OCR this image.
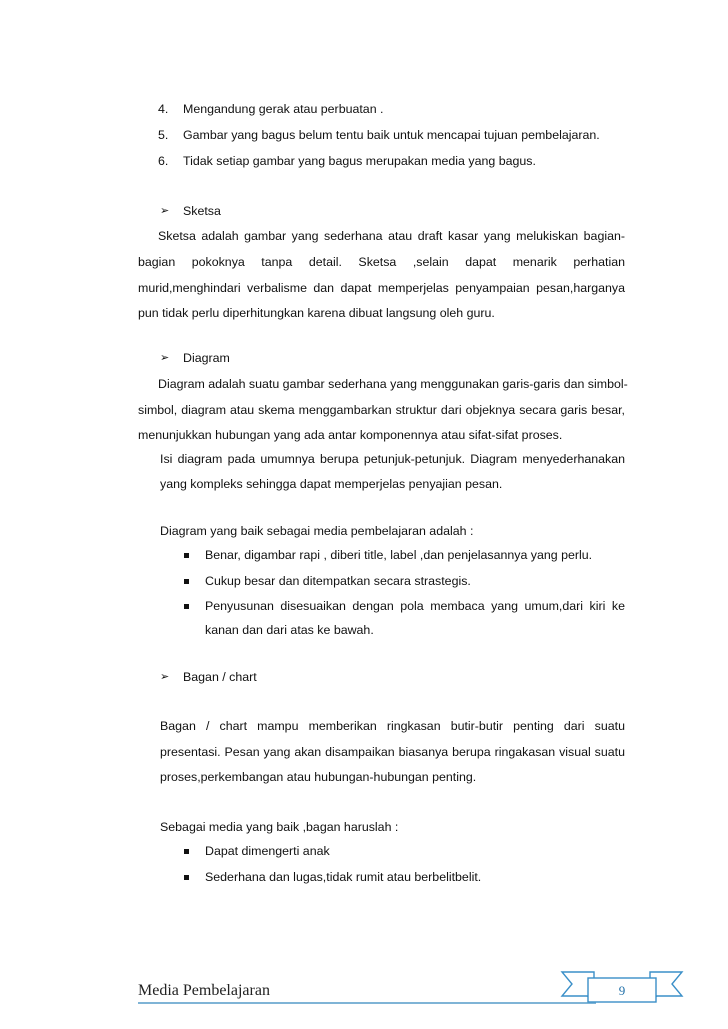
4. Mengandung gerak atau perbuatan .
5. Gambar yang bagus belum tentu baik untuk mencapai tujuan pembelajaran.
6. Tidak setiap gambar yang bagus merupakan media yang bagus.
➢ Sketsa
Sketsa adalah gambar yang sederhana atau draft kasar yang melukiskan bagian-
bagian pokoknya tanpa detail. Sketsa ,selain dapat menarik perhatian
murid,menghindari verbalisme dan dapat memperjelas penyampaian pesan,harganya
pun tidak perlu diperhitungkan karena dibuat langsung oleh guru.
➢ Diagram
Diagram adalah suatu gambar sederhana yang menggunakan garis-garis dan simbol-
simbol, diagram atau skema menggambarkan struktur dari objeknya secara garis besar,
menunjukkan hubungan yang ada antar komponennya atau sifat-sifat proses.
Isi diagram pada umumnya berupa petunjuk-petunjuk. Diagram menyederhanakan
yang kompleks sehingga dapat memperjelas penyajian pesan.
Diagram yang baik sebagai media pembelajaran adalah :
Benar, digambar rapi , diberi title, label ,dan penjelasannya yang perlu.
Cukup besar dan ditempatkan secara strastegis.
Penyusunan disesuaikan dengan pola membaca yang umum,dari kiri ke
kanan dan dari atas ke bawah.
➢ Bagan / chart
Bagan / chart mampu memberikan ringkasan butir-butir penting dari suatu
presentasi. Pesan yang akan disampaikan biasanya berupa ringakasan visual suatu
proses,perkembangan atau hubungan-hubungan penting.
Sebagai media yang baik ,bagan haruslah :
Dapat dimengerti anak
Sederhana dan lugas,tidak rumit atau berbelitbelit.
Media Pembelajaran	9
